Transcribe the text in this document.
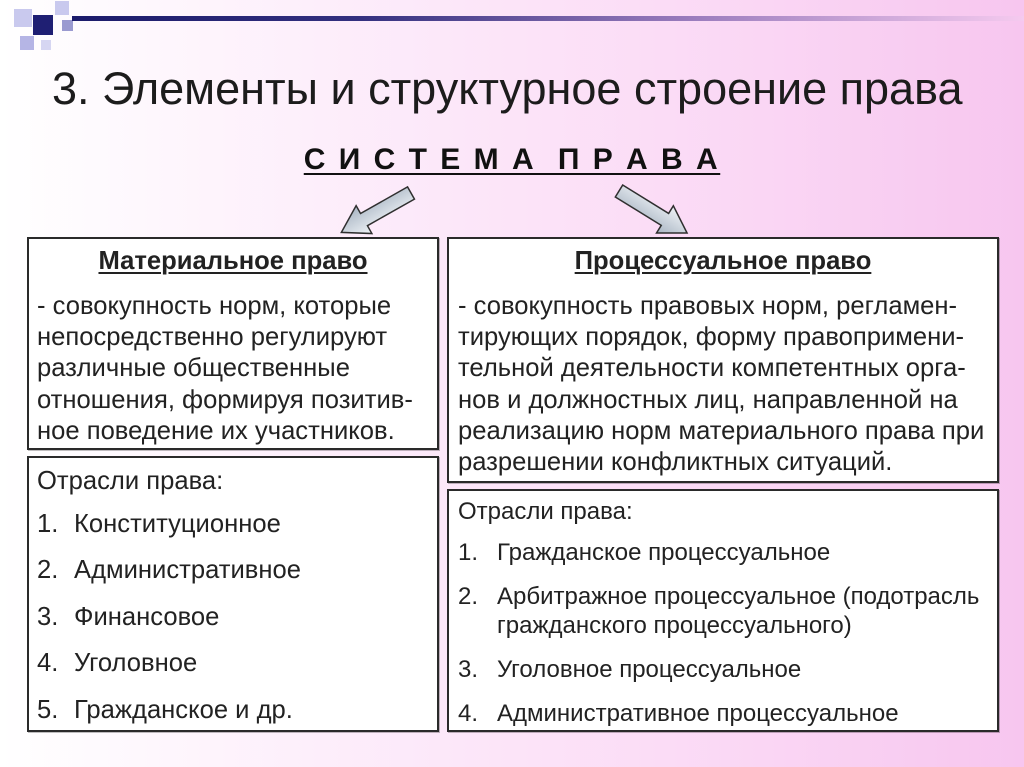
3. Элементы и структурное строение права
С И С Т Е М А  П Р А В А
Материальное право
- совокупность норм, которые
непосредственно регулируют
различные общественные
отношения, формируя позитив-
ное поведение их участников.
Отрасли права:
1. Конституционное
2. Административное
3. Финансовое
4. Уголовное
5. Гражданское и др.
Процессуальное право
- совокупность правовых норм, регламен-
тирующих порядок, форму правопримени-
тельной деятельности компетентных орга-
нов и должностных лиц, направленной на
реализацию норм материального права при
разрешении конфликтных ситуаций.
Отрасли права:
1. Гражданское процессуальное
2. Арбитражное процессуальное (подотрасль
гражданского процессуального)
3. Уголовное процессуальное
4. Административное процессуальное
